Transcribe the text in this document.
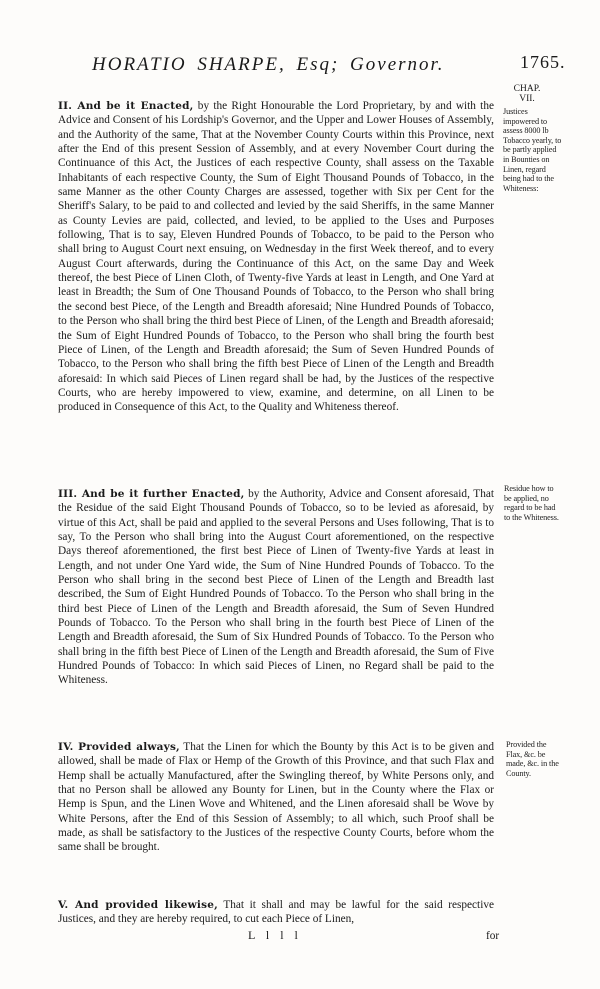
HORATIO SHARPE, Esq; Governor.	1765.
CHAP.
VII.
Justices impowered to assess 8000 lb Tobacco yearly, to be partly applied in Bounties on Linen, regard being had to the Whiteness:
Residue how to be applied, no regard to be had to the Whiteness.
Provided the Flax, &c. be made, &c. in the County.

II. And be it Enacted, by the Right Honourable the Lord Proprietary, by and with the Advice and Consent of his Lordship's Governor, and the Upper and Lower Houses of Assembly, and the Authority of the same, That at the November County Courts within this Province, next after the End of this present Session of Assembly, and at every November Court during the Continuance of this Act, the Justices of each respective County, shall assess on the Taxable Inhabitants of each respective County, the Sum of Eight Thousand Pounds of Tobacco, in the same Manner as the other County Charges are assessed, together with Six per Cent for the Sheriff's Salary, to be paid to and collected and levied by the said Sheriffs, in the same Manner as County Levies are paid, collected, and levied, to be applied to the Uses and Purposes following, That is to say, Eleven Hundred Pounds of Tobacco, to be paid to the Person who shall bring to August Court next ensuing, on Wednesday in the first Week thereof, and to every August Court afterwards, during the Continuance of this Act, on the same Day and Week thereof, the best Piece of Linen Cloth, of Twenty-five Yards at least in Length, and One Yard at least in Breadth; the Sum of One Thousand Pounds of Tobacco, to the Person who shall bring the second best Piece, of the Length and Breadth aforesaid; Nine Hundred Pounds of Tobacco, to the Person who shall bring the third best Piece of Linen, of the Length and Breadth aforesaid; the Sum of Eight Hundred Pounds of Tobacco, to the Person who shall bring the fourth best Piece of Linen, of the Length and Breadth aforesaid; the Sum of Seven Hundred Pounds of Tobacco, to the Person who shall bring the fifth best Piece of Linen of the Length and Breadth aforesaid: In which said Pieces of Linen regard shall be had, by the Justices of the respective Courts, who are hereby impowered to view, examine, and determine, on all Linen to be produced in Consequence of this Act, to the Quality and Whiteness thereof.

III. And be it further Enacted, by the Authority, Advice and Consent aforesaid, That the Residue of the said Eight Thousand Pounds of Tobacco, so to be levied as aforesaid, by virtue of this Act, shall be paid and applied to the several Persons and Uses following, That is to say, To the Person who shall bring into the August Court aforementioned, on the respective Days thereof aforementioned, the first best Piece of Linen of Twenty-five Yards at least in Length, and not under One Yard wide, the Sum of Nine Hundred Pounds of Tobacco. To the Person who shall bring in the second best Piece of Linen of the Length and Breadth last described, the Sum of Eight Hundred Pounds of Tobacco. To the Person who shall bring in the third best Piece of Linen of the Length and Breadth aforesaid, the Sum of Seven Hundred Pounds of Tobacco. To the Person who shall bring in the fourth best Piece of Linen of the Length and Breadth aforesaid, the Sum of Six Hundred Pounds of Tobacco. To the Person who shall bring in the fifth best Piece of Linen of the Length and Breadth aforesaid, the Sum of Five Hundred Pounds of Tobacco: In which said Pieces of Linen, no Regard shall be paid to the Whiteness.

IV. Provided always, That the Linen for which the Bounty by this Act is to be given and allowed, shall be made of Flax or Hemp of the Growth of this Province, and that such Flax and Hemp shall be actually Manufactured, after the Swingling thereof, by White Persons only, and that no Person shall be allowed any Bounty for Linen, but in the County where the Flax or Hemp is Spun, and the Linen Wove and Whitened, and the Linen aforesaid shall be Wove by White Persons, after the End of this Session of Assembly; to all which, such Proof shall be made, as shall be satisfactory to the Justices of the respective County Courts, before whom the same shall be brought.

V. And provided likewise, That it shall and may be lawful for the said respective Justices, and they are hereby required, to cut each Piece of Linen,

L l l l	for
